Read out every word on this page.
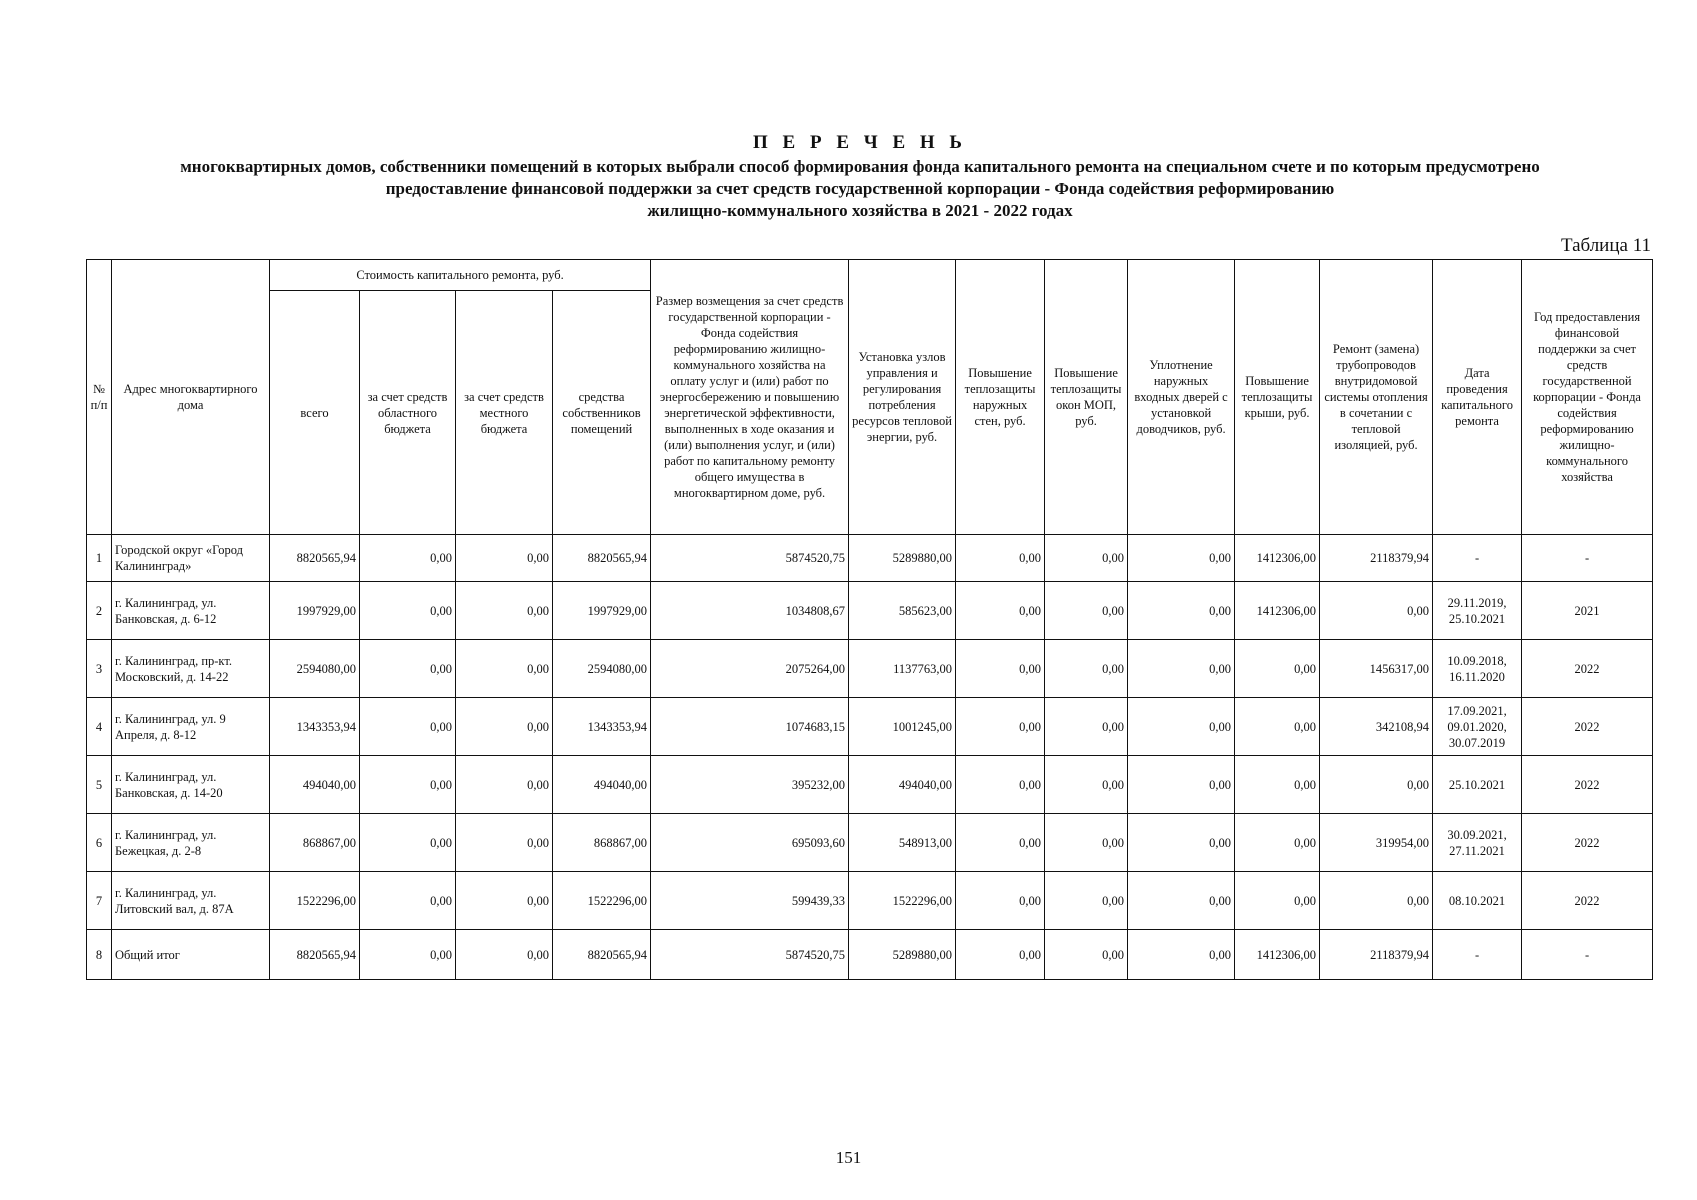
П Е Р Е Ч Е Н Ь
многоквартирных домов, собственники помещений в которых выбрали способ формирования фонда капитального ремонта на специальном счете и по которым предусмотрено
предоставление финансовой поддержки за счет средств государственной корпорации - Фонда содействия реформированию
жилищно-коммунального хозяйства в 2021 - 2022 годах
Таблица 11
№ п/п	Адрес многоквартирного дома	Стоимость капитального ремонта, руб.				Размер возмещения за счет средств государственной корпорации - Фонда содействия реформированию жилищно-коммунального хозяйства на оплату услуг и (или) работ по энергосбережению и повышению энергетической эффективности, выполненных в ходе оказания и (или) выполнения услуг, и (или) работ по капитальному ремонту общего имущества в многоквартирном доме, руб.	Установка узлов управления и регулирования потребления ресурсов тепловой энергии, руб.	Повышение теплозащиты наружных стен, руб.	Повышение теплозащиты окон МОП, руб.	Уплотнение наружных входных дверей с установкой доводчиков, руб.	Повышение теплозащиты крыши, руб.	Ремонт (замена) трубопроводов внутридомовой системы отопления в сочетании с тепловой изоляцией, руб.	Дата проведения капитального ремонта	Год предоставления финансовой поддержки за счет средств государственной корпорации - Фонда содействия реформированию жилищно-коммунального хозяйства
		всего	за счет средств областного бюджета	за счет средств местного бюджета	средства собственников помещений									
1	Городской округ «Город Калининград»	8820565,94	0,00	0,00	8820565,94	5874520,75	5289880,00	0,00	0,00	0,00	1412306,00	2118379,94	-	-
2	г. Калининград, ул. Банковская, д. 6-12	1997929,00	0,00	0,00	1997929,00	1034808,67	585623,00	0,00	0,00	0,00	1412306,00	0,00	29.11.2019, 25.10.2021	2021
3	г. Калининград, пр-кт. Московский, д. 14-22	2594080,00	0,00	0,00	2594080,00	2075264,00	1137763,00	0,00	0,00	0,00	0,00	1456317,00	10.09.2018, 16.11.2020	2022
4	г. Калининград, ул. 9 Апреля, д. 8-12	1343353,94	0,00	0,00	1343353,94	1074683,15	1001245,00	0,00	0,00	0,00	0,00	342108,94	17.09.2021, 09.01.2020, 30.07.2019	2022
5	г. Калининград, ул. Банковская, д. 14-20	494040,00	0,00	0,00	494040,00	395232,00	494040,00	0,00	0,00	0,00	0,00	0,00	25.10.2021	2022
6	г. Калининград, ул. Бежецкая, д. 2-8	868867,00	0,00	0,00	868867,00	695093,60	548913,00	0,00	0,00	0,00	0,00	319954,00	30.09.2021, 27.11.2021	2022
7	г. Калининград, ул. Литовский вал, д. 87А	1522296,00	0,00	0,00	1522296,00	599439,33	1522296,00	0,00	0,00	0,00	0,00	0,00	08.10.2021	2022
8	Общий итог	8820565,94	0,00	0,00	8820565,94	5874520,75	5289880,00	0,00	0,00	0,00	1412306,00	2118379,94	-	-
151
